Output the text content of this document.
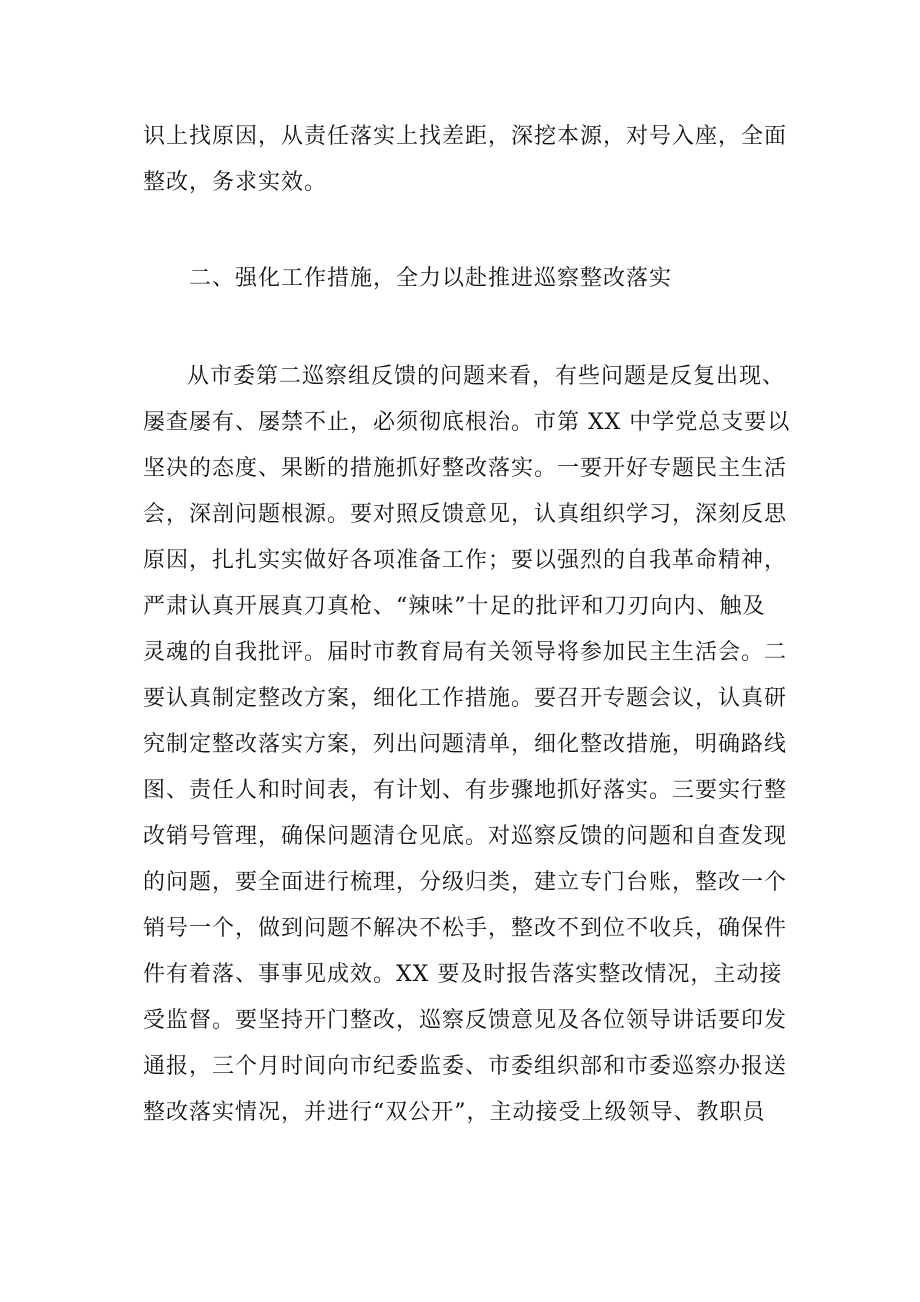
识上找原因，从责任落实上找差距，深挖本源，对号入座，全面
整改，务求实效。
二、强化工作措施，全力以赴推进巡察整改落实
从市委第二巡察组反馈的问题来看，有些问题是反复出现、
屡查屡有、屡禁不止，必须彻底根治。市第 XX 中学党总支要以
坚决的态度、果断的措施抓好整改落实。一要开好专题民主生活
会，深剖问题根源。要对照反馈意见，认真组织学习，深刻反思
原因，扎扎实实做好各项准备工作；要以强烈的自我革命精神，
严肃认真开展真刀真枪、“辣味”十足的批评和刀刃向内、触及
灵魂的自我批评。届时市教育局有关领导将参加民主生活会。二
要认真制定整改方案，细化工作措施。要召开专题会议，认真研
究制定整改落实方案，列出问题清单，细化整改措施，明确路线
图、责任人和时间表，有计划、有步骤地抓好落实。三要实行整
改销号管理，确保问题清仓见底。对巡察反馈的问题和自查发现
的问题，要全面进行梳理，分级归类，建立专门台账，整改一个
销号一个，做到问题不解决不松手，整改不到位不收兵，确保件
件有着落、事事见成效。XX 要及时报告落实整改情况，主动接
受监督。要坚持开门整改，巡察反馈意见及各位领导讲话要印发
通报，三个月时间向市纪委监委、市委组织部和市委巡察办报送
整改落实情况，并进行“双公开”，主动接受上级领导、教职员
